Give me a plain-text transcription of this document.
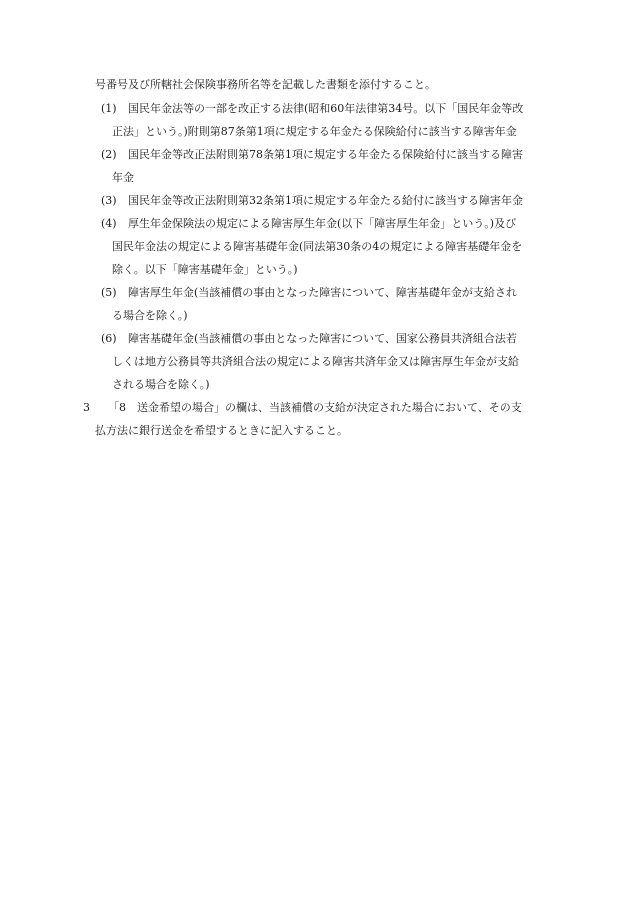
号番号及び所轄社会保険事務所名等を記載した書類を添付すること。
(1) 国民年金法等の一部を改正する法律(昭和60年法律第34号。以下「国民年金等改
正法」という。)附則第87条第1項に規定する年金たる保険給付に該当する障害年金
(2) 国民年金等改正法附則第78条第1項に規定する年金たる保険給付に該当する障害
年金
(3) 国民年金等改正法附則第32条第1項に規定する年金たる給付に該当する障害年金
(4) 厚生年金保険法の規定による障害厚生年金(以下「障害厚生年金」という。)及び
国民年金法の規定による障害基礎年金(同法第30条の4の規定による障害基礎年金を
除く。以下「障害基礎年金」という。)
(5) 障害厚生年金(当該補償の事由となった障害について、障害基礎年金が支給され
る場合を除く。)
(6) 障害基礎年金(当該補償の事由となった障害について、国家公務員共済組合法若
しくは地方公務員等共済組合法の規定による障害共済年金又は障害厚生年金が支給
される場合を除く。)
3 「8　送金希望の場合」の欄は、当該補償の支給が決定された場合において、その支
払方法に銀行送金を希望するときに記入すること。
